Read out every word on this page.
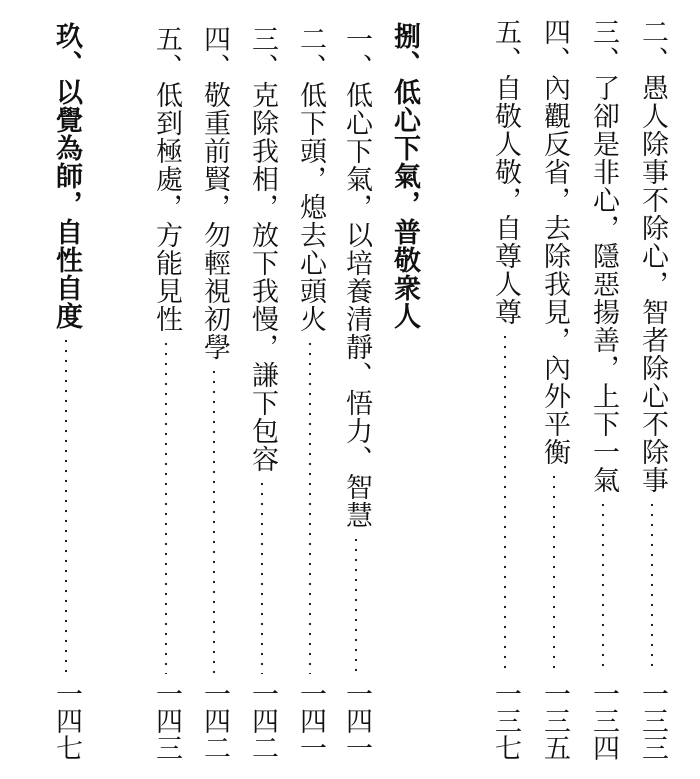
二、愚人除事不除心，智者除心不除事
一三三
三、了卻是非心，隱惡揚善，上下一氣
一三四
四、內觀反省，去除我見，內外平衡
一三五
五、自敬人敬，自尊人尊
一三七
捌、低心下氣，普敬衆人
一、低心下氣，以培養清靜、悟力、智慧
一四一
二、低下頭，熄去心頭火
一四一
三、克除我相，放下我慢，謙下包容
一四二
四、敬重前賢，勿輕視初學
一四二
五、低到極處，方能見性
一四三
玖、以覺為師，自性自度
一四七
